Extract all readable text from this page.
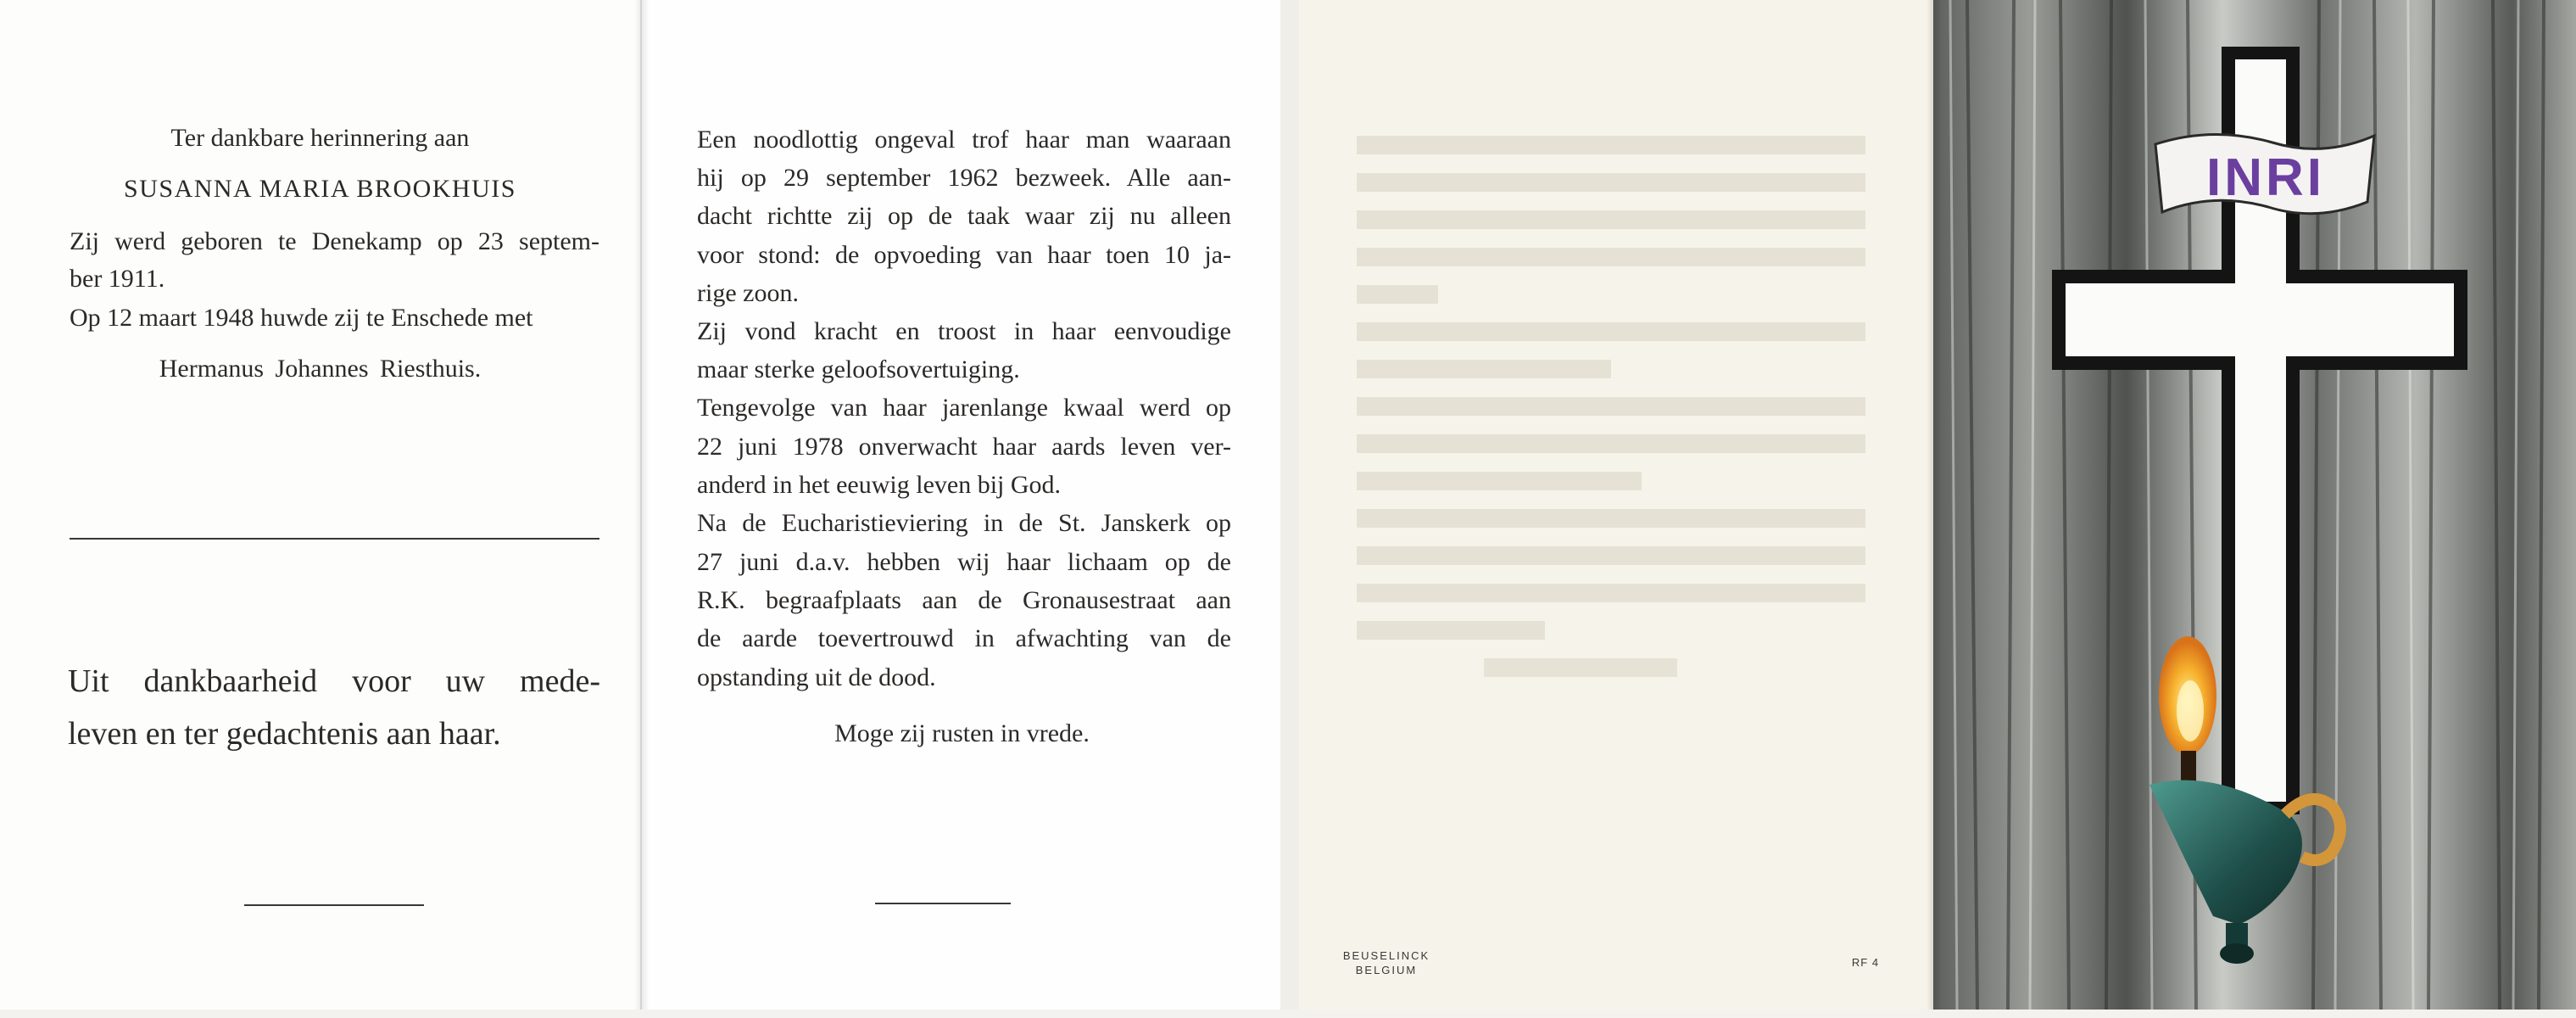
Ter dankbare herinnering aan
SUSANNA MARIA BROOKHUIS
Zij werd geboren te Denekamp op 23 septem-
ber 1911.
Op 12 maart 1948 huwde zij te Enschede met
Hermanus Johannes Riesthuis.
Uit dankbaarheid voor uw mede-
leven en ter gedachtenis aan haar.
Een noodlottig ongeval trof haar man waaraan
hij op 29 september 1962 bezweek. Alle aan-
dacht richtte zij op de taak waar zij nu alleen
voor stond: de opvoeding van haar toen 10 ja-
rige zoon.
Zij vond kracht en troost in haar eenvoudige
maar sterke geloofsovertuiging.
Tengevolge van haar jarenlange kwaal werd op
22 juni 1978 onverwacht haar aards leven ver-
anderd in het eeuwig leven bij God.
Na de Eucharistieviering in de St. Janskerk op
27 juni d.a.v. hebben wij haar lichaam op de
R.K. begraafplaats aan de Gronausestraat aan
de aarde toevertrouwd in afwachting van de
opstanding uit de dood.
Moge zij rusten in vrede.
BEUSELINCK
BELGIUM
RF 4
INRI
